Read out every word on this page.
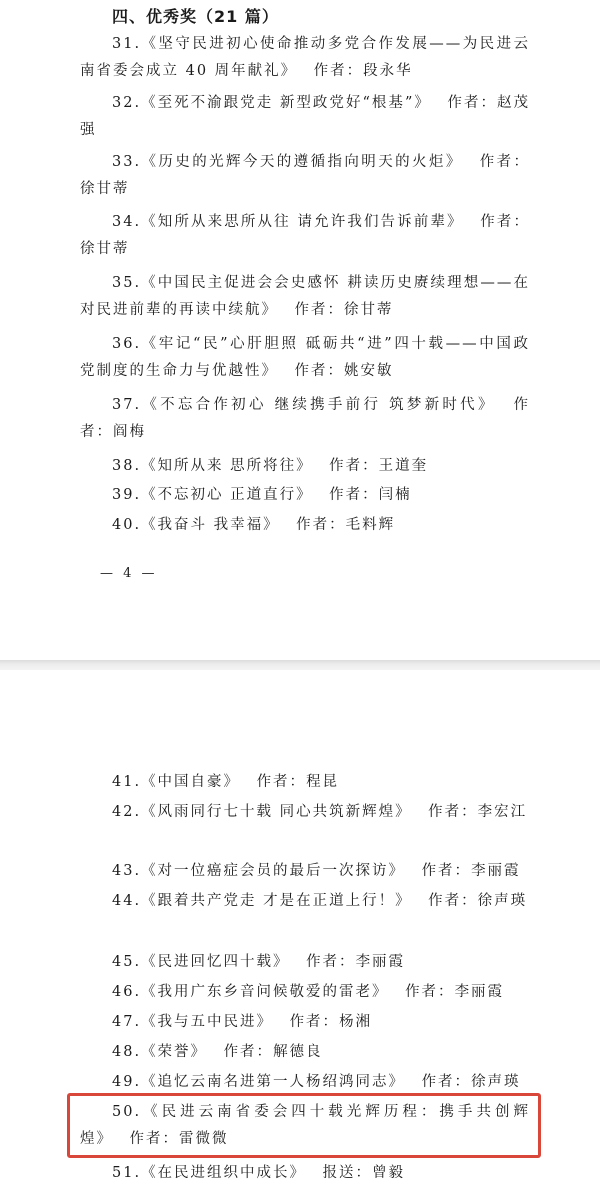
四、优秀奖（21 篇）
31.《坚守民进初心使命推动多党合作发展——为民进云南省委会成立 40 周年献礼》  作者：段永华
32.《至死不渝跟党走 新型政党好“根基”》  作者：赵茂强
33.《历史的光辉今天的遵循指向明天的火炬》  作者：徐甘蒂
34.《知所从来思所从往 请允许我们告诉前辈》  作者：徐甘蒂
35.《中国民主促进会会史感怀 耕读历史赓续理想——在对民进前辈的再读中续航》  作者：徐甘蒂
36.《牢记“民”心肝胆照 砥砺共“进”四十载——中国政党制度的生命力与优越性》  作者：姚安敏
37.《不忘合作初心 继续携手前行 筑梦新时代》  作者：阎梅
38.《知所从来 思所将往》  作者：王道奎
39.《不忘初心 正道直行》  作者：闫楠
40.《我奋斗 我幸福》  作者：毛料辉
— 4 —
41.《中国自豪》  作者：程昆
42.《风雨同行七十载 同心共筑新辉煌》  作者：李宏江
43.《对一位癌症会员的最后一次探访》  作者：李丽霞
44.《跟着共产党走 才是在正道上行！》  作者：徐声瑛
45.《民进回忆四十载》  作者：李丽霞
46.《我用广东乡音问候敬爱的雷老》  作者：李丽霞
47.《我与五中民进》  作者：杨湘
48.《荣誉》  作者：解德良
49.《追忆云南名进第一人杨绍鸿同志》  作者：徐声瑛
50.《民进云南省委会四十载光辉历程：携手共创辉煌》  作者：雷微微
51.《在民进组织中成长》  报送：曾毅
